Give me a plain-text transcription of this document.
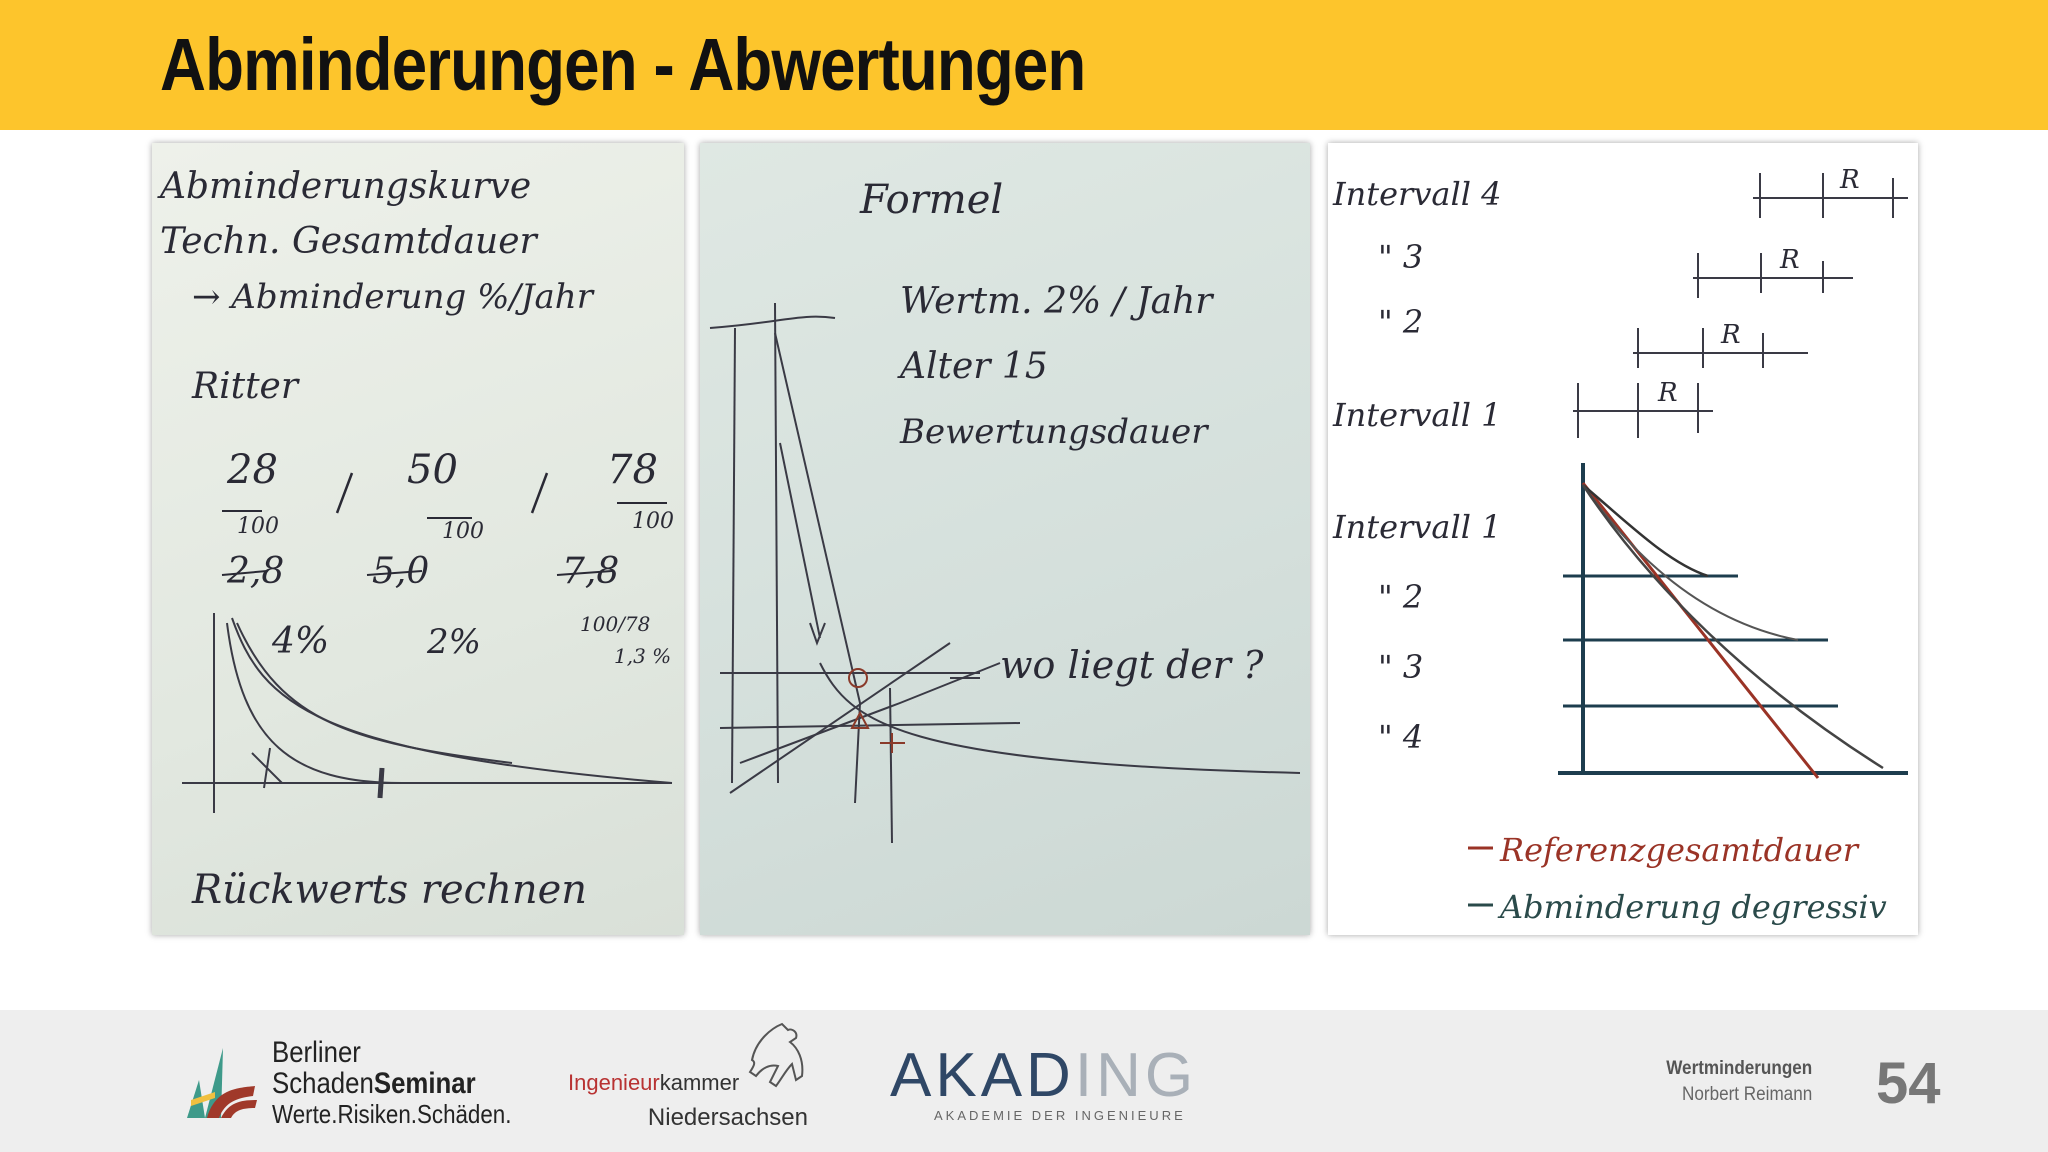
Abminderungen - Abwertungen
Abminderungskurve
Techn. Gesamtdauer
→ Abminderung %/Jahr
Ritter
28	50	78
100	100	100
2,8 5,0	7,8
4%	2%	100/78
1,3 %
Rückwerts rechnen
Formel
Wertm. 2% / Jahr
Alter 15
Bewertungsdauer
wo liegt der ?
Intervall 4
" 3
" 2
Intervall 1
R
R
R
R
Intervall 1
" 2
" 3
" 4
Referenzgesamtdauer
Abminderung degressiv
Berliner
SchadenSeminar
Werte.Risiken.Schäden.
Ingenieurkammer
Niedersachsen
AKADING
AKADEMIE DER INGENIEURE
Wertminderungen
Norbert Reimann 54
